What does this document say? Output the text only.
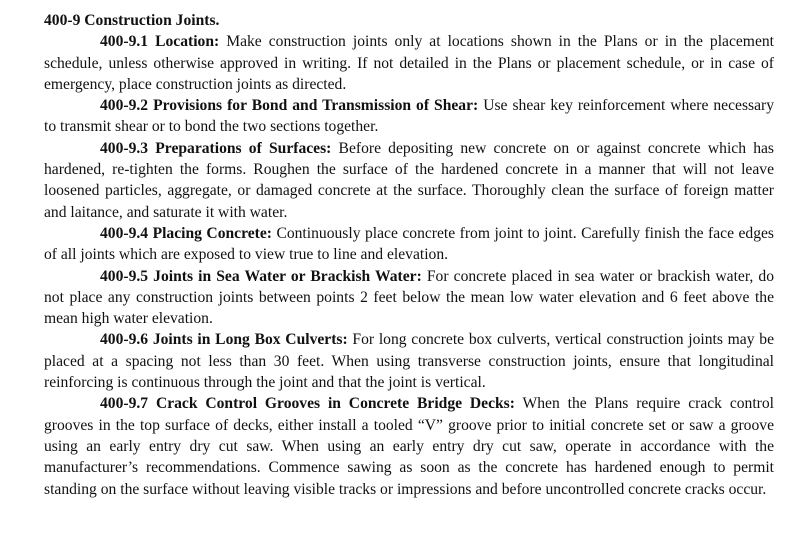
400-9 Construction Joints.

400-9.1 Location: Make construction joints only at locations shown in the Plans or in the placement schedule, unless otherwise approved in writing. If not detailed in the Plans or placement schedule, or in case of emergency, place construction joints as directed.

400-9.2 Provisions for Bond and Transmission of Shear: Use shear key reinforcement where necessary to transmit shear or to bond the two sections together.

400-9.3 Preparations of Surfaces: Before depositing new concrete on or against concrete which has hardened, re-tighten the forms. Roughen the surface of the hardened concrete in a manner that will not leave loosened particles, aggregate, or damaged concrete at the surface. Thoroughly clean the surface of foreign matter and laitance, and saturate it with water.

400-9.4 Placing Concrete: Continuously place concrete from joint to joint. Carefully finish the face edges of all joints which are exposed to view true to line and elevation.

400-9.5 Joints in Sea Water or Brackish Water: For concrete placed in sea water or brackish water, do not place any construction joints between points 2 feet below the mean low water elevation and 6 feet above the mean high water elevation.

400-9.6 Joints in Long Box Culverts: For long concrete box culverts, vertical construction joints may be placed at a spacing not less than 30 feet. When using transverse construction joints, ensure that longitudinal reinforcing is continuous through the joint and that the joint is vertical.

400-9.7 Crack Control Grooves in Concrete Bridge Decks: When the Plans require crack control grooves in the top surface of decks, either install a tooled “V” groove prior to initial concrete set or saw a groove using an early entry dry cut saw. When using an early entry dry cut saw, operate in accordance with the manufacturer’s recommendations. Commence sawing as soon as the concrete has hardened enough to permit standing on the surface without leaving visible tracks or impressions and before uncontrolled concrete cracks occur.
